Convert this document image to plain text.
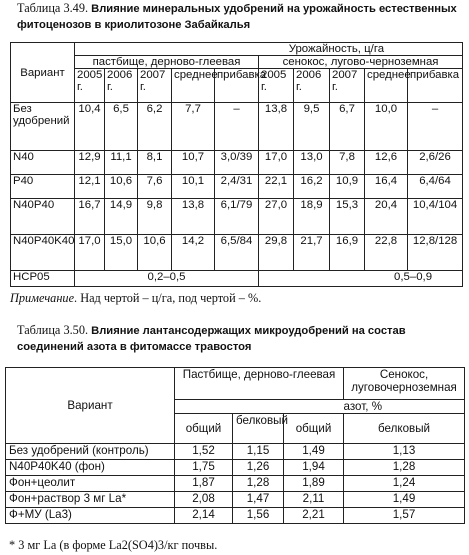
Таблица 3.49. Влияние минеральных удобрений на урожайность естественных фитоценозов в криолитозоне Забайкалья
Вариант	Урожайность, ц/га									
	пастбище, дерново-глеевая					сенокос, лугово-черноземная				
	2005 г.	2006 г.	2007 г.	среднее	прибавка	2005 г.	2006 г.	2007 г.	среднее	прибавка
Без удобрений	10,4	6,5	6,2	7,7	–	13,8	9,5	6,7	10,0	–
N40	12,9	11,1	8,1	10,7	3,0/39	17,0	13,0	7,8	12,6	2,6/26
P40	12,1	10,6	7,6	10,1	2,4/31	22,1	16,2	10,9	16,4	6,4/64
N40P40	16,7	14,9	9,8	13,8	6,1/79	27,0	18,9	15,3	20,4	10,4/104
N40P40K40	17,0	15,0	10,6	14,2	6,5/84	29,8	21,7	16,9	22,8	12,8/128
НСР05	0,2–0,5					0,5–0,9				
Примечание. Над чертой – ц/га, под чертой – %.
Таблица 3.50. Влияние лантансодержащих микроудобрений на состав соединений азота в фитомассе травостоя
Вариант	Пастбище, дерново-глеевая			Сенокос, луговочерноземная
	азот, %			
	общий	белковый	общий	белковый
Без удобрений (контроль)	1,52	1,15	1,49	1,13
N40P40K40 (фон)	1,75	1,26	1,94	1,28
Фон+цеолит	1,87	1,28	1,89	1,24
Фон+раствор 3 мг La*	2,08	1,47	2,11	1,49
Ф+МУ (La3)	2,14	1,56	2,21	1,57
* 3 мг La (в форме La2(SO4)3/кг почвы.
